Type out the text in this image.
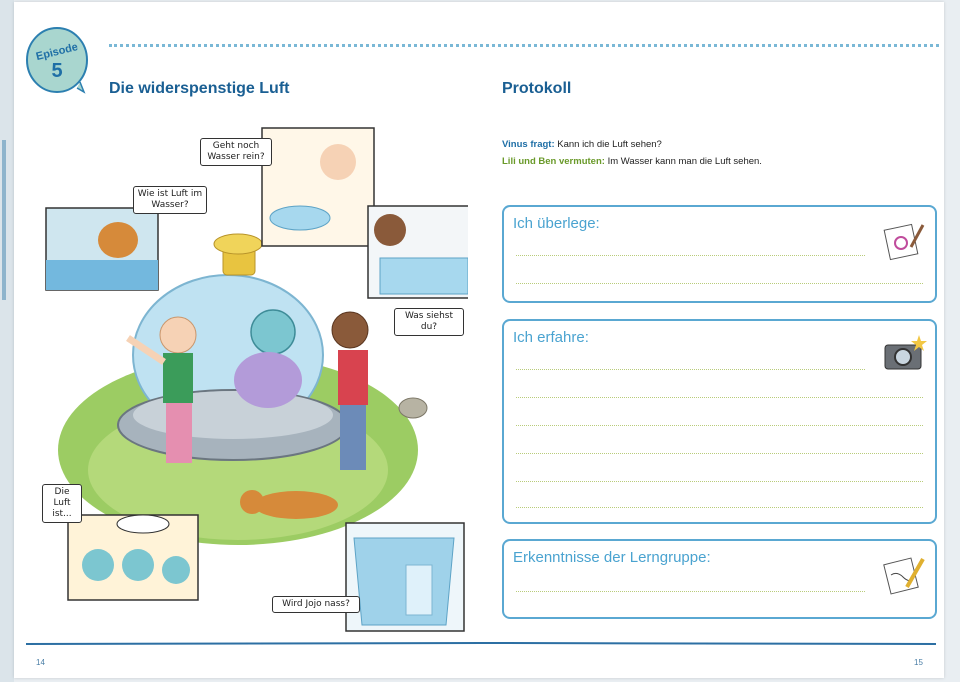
Episode
5
Die widerspenstige Luft
Geht noch Wasser rein?
Wie ist Luft im Wasser?
Was siehst du?
Die Luft ist...
Wird Jojo nass?
Protokoll
Vinus fragt: Kann ich die Luft sehen?
Lili und Ben vermuten: Im Wasser kann man die Luft sehen.
Ich überlege:
Ich erfahre:
Erkenntnisse der Lerngruppe:
14	15
